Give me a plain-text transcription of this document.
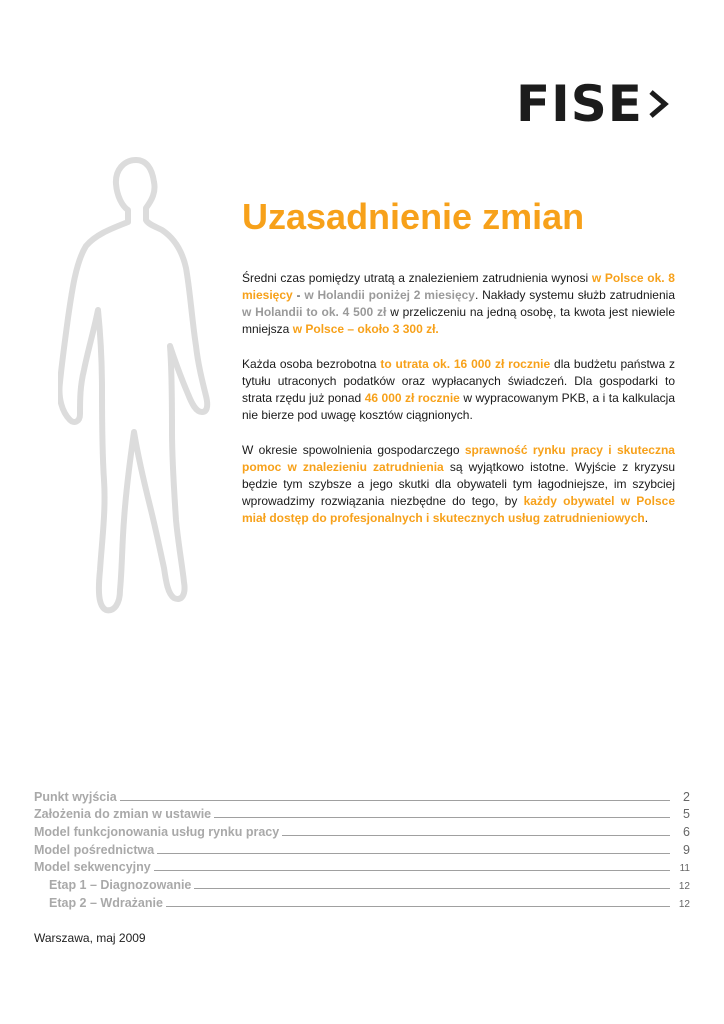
FISE
Uzasadnienie zmian

Średni czas pomiędzy utratą a znalezieniem zatrudnienia wynosi w Polsce ok. 8 miesięcy - w Holandii poniżej 2 miesięcy. Nakłady systemu służb zatrudnienia w Holandii to ok. 4 500 zł w przeliczeniu na jedną osobę, ta kwota jest niewiele mniejsza w Polsce – około 3 300 zł.

Każda osoba bezrobotna to utrata ok. 16 000 zł rocznie dla budżetu państwa z tytułu utraconych podatków oraz wypłacanych świadczeń. Dla gospodarki to strata rzędu już ponad 46 000 zł rocznie w wypracowanym PKB, a i ta kalkulacja nie bierze pod uwagę kosztów ciągnionych.

W okresie spowolnienia gospodarczego sprawność rynku pracy i skuteczna pomoc w znalezieniu zatrudnienia są wyjątkowo istotne. Wyjście z kryzysu będzie tym szybsze a jego skutki dla obywateli tym łagodniejsze, im szybciej wprowadzimy rozwiązania niezbędne do tego, by każdy obywatel w Polsce miał dostęp do profesjonalnych i skutecznych usług zatrudnieniowych.

Punkt wyjścia	2
Założenia do zmian w ustawie	5
Model funkcjonowania usług rynku pracy	6
Model pośrednictwa	9
Model sekwencyjny	11
Etap 1 – Diagnozowanie	12
Etap 2 – Wdrażanie	12
Warszawa, maj 2009
